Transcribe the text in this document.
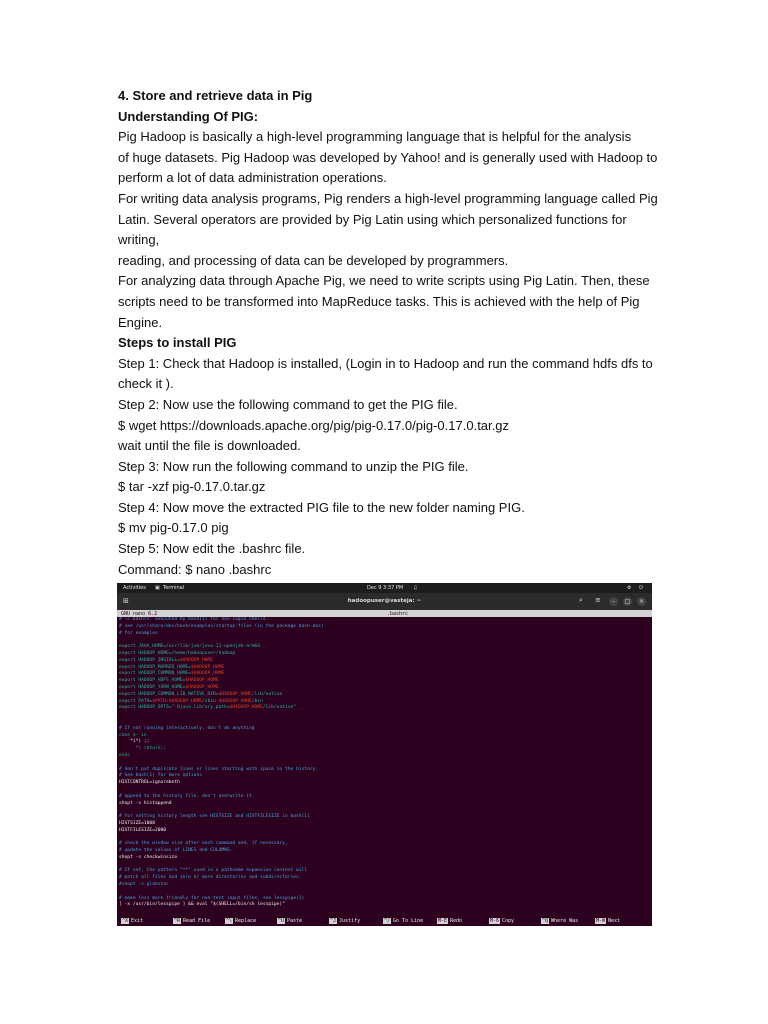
4. Store and retrieve data in Pig

Understanding Of PIG:

Pig Hadoop is basically a high-level programming language that is helpful for the analysis

of huge datasets. Pig Hadoop was developed by Yahoo! and is generally used with Hadoop to

perform a lot of data administration operations.

For writing data analysis programs, Pig renders a high-level programming language called Pig

Latin. Several operators are provided by Pig Latin using which personalized functions for

writing,

reading, and processing of data can be developed by programmers.

For analyzing data through Apache Pig, we need to write scripts using Pig Latin. Then, these

scripts need to be transformed into MapReduce tasks. This is achieved with the help of Pig

Engine.

Steps to install PIG

Step 1: Check that Hadoop is installed, (Login in to Hadoop and run the command hdfs dfs to

check it ).

Step 2: Now use the following command to get the PIG file.

$ wget https://downloads.apache.org/pig/pig-0.17.0/pig-0.17.0.tar.gz

wait until the file is downloaded.

Step 3: Now run the following command to unzip the PIG file.

$ tar -xzf pig-0.17.0.tar.gz

Step 4: Now move the extracted PIG file to the new folder naming PIG.

$ mv pig-0.17.0 pig

Step 5: Now edit the .bashrc file.

Command: $ nano .bashrc

Activities ▣ Terminal	Dec 9 3:37 PM ♫	⚙ ⏻
⊞	hadoopuser@vasteja: ~	⌕ ≡	–	□	×
GNU nano 6.2	.bashrc
# ~/.bashrc: executed by bash(1) for non-login shells.
# see /usr/share/doc/bash/examples/startup-files (in the package bash-doc)
# for examples
export JAVA_HOME=/usr/lib/jvm/java-11-openjdk-arm64
export HADOOP_HOME=/home/hadoopuser/hadoop
export HADOOP_INSTALL=$HADOOP_HOME
export HADOOP_MAPRED_HOME=$HADOOP_HOME
export HADOOP_COMMON_HOME=$HADOOP_HOME
export HADOOP_HDFS_HOME=$HADOOP_HOME
export HADOOP_YARN_HOME=$HADOOP_HOME
export HADOOP_COMMON_LIB_NATIVE_DIR=$HADOOP_HOME/lib/native
export PATH=$PATH:$HADOOP_HOME/sbin:$HADOOP_HOME/bin
export HADOOP_OPTS="-Djava.library.path=$HADOOP_HOME/lib/native"
# If not running interactively, don't do anything
case $- in
*i*) ;;
*) return;;
esac
# don't put duplicate lines or lines starting with space in the history.
# See bash(1) for more options
HISTCONTROL=ignoreboth
# append to the history file, don't overwrite it
shopt -s histappend
# for setting history length see HISTSIZE and HISTFILESIZE in bash(1)
HISTSIZE=1000
HISTFILESIZE=2000
# check the window size after each command and, if necessary,
# update the values of LINES and COLUMNS.
shopt -s checkwinsize
# If set, the pattern "**" used in a pathname expansion context will
# match all files and zero or more directories and subdirectories.
#shopt -s globstar
# make less more friendly for non-text input files, see lesspipe(1)
[ -x /usr/bin/lesspipe ] && eval "$(SHELL=/bin/sh lesspipe)"
^X Exit	^R Read File	^\ Replace	^U Paste	^J Justify	^/ Go To Line	M-E Redo	M-6 Copy	^Q Where Was	M-W Next
